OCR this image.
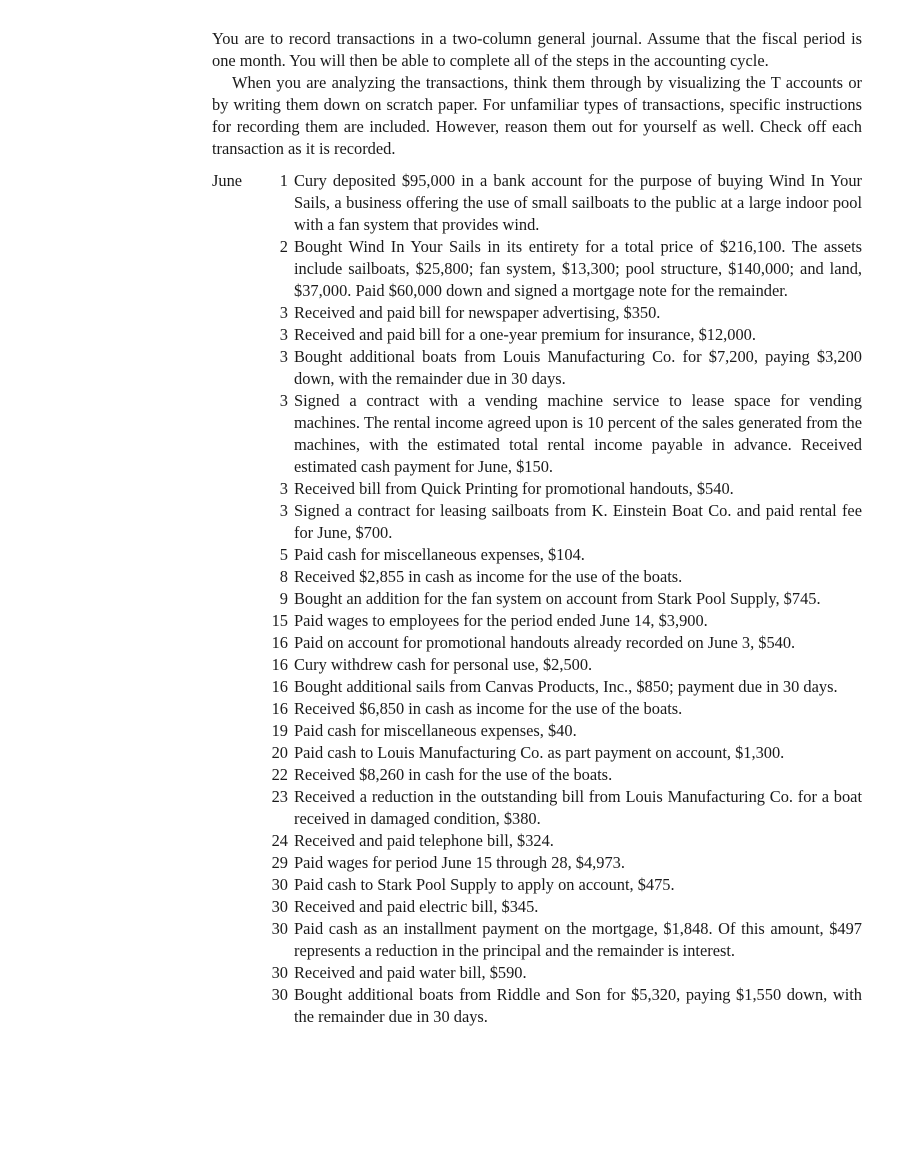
You are to record transactions in a two-column general journal. Assume that the fiscal period is one month. You will then be able to complete all of the steps in the accounting cycle.

When you are analyzing the transactions, think them through by visualizing the T accounts or by writing them down on scratch paper. For unfamiliar types of transactions, specific instructions for recording them are included. However, reason them out for yourself as well. Check off each transaction as it is recorded.

June	1 Cury deposited $95,000 in a bank account for the purpose of buying Wind In Your Sails, a business offering the use of small sailboats to the public at a large indoor pool with a fan system that provides wind.
2 Bought Wind In Your Sails in its entirety for a total price of $216,100. The assets include sailboats, $25,800; fan system, $13,300; pool structure, $140,000; and land, $37,000. Paid $60,000 down and signed a mortgage note for the remainder.
3 Received and paid bill for newspaper advertising, $350.
3 Received and paid bill for a one-year premium for insurance, $12,000.
3 Bought additional boats from Louis Manufacturing Co. for $7,200, paying $3,200 down, with the remainder due in 30 days.
3 Signed a contract with a vending machine service to lease space for vending machines. The rental income agreed upon is 10 percent of the sales generated from the machines, with the estimated total rental income payable in advance. Received estimated cash payment for June, $150.
3 Received bill from Quick Printing for promotional handouts, $540.
3 Signed a contract for leasing sailboats from K. Einstein Boat Co. and paid rental fee for June, $700.
5 Paid cash for miscellaneous expenses, $104.
8 Received $2,855 in cash as income for the use of the boats.
9 Bought an addition for the fan system on account from Stark Pool Supply, $745.
15 Paid wages to employees for the period ended June 14, $3,900.
16 Paid on account for promotional handouts already recorded on June 3, $540.
16 Cury withdrew cash for personal use, $2,500.
16 Bought additional sails from Canvas Products, Inc., $850; payment due in 30 days.
16 Received $6,850 in cash as income for the use of the boats.
19 Paid cash for miscellaneous expenses, $40.
20 Paid cash to Louis Manufacturing Co. as part payment on account, $1,300.
22 Received $8,260 in cash for the use of the boats.
23 Received a reduction in the outstanding bill from Louis Manufacturing Co. for a boat received in damaged condition, $380.
24 Received and paid telephone bill, $324.
29 Paid wages for period June 15 through 28, $4,973.
30 Paid cash to Stark Pool Supply to apply on account, $475.
30 Received and paid electric bill, $345.
30 Paid cash as an installment payment on the mortgage, $1,848. Of this amount, $497 represents a reduction in the principal and the remainder is interest.
30 Received and paid water bill, $590.
30 Bought additional boats from Riddle and Son for $5,320, paying $1,550 down, with the remainder due in 30 days.
